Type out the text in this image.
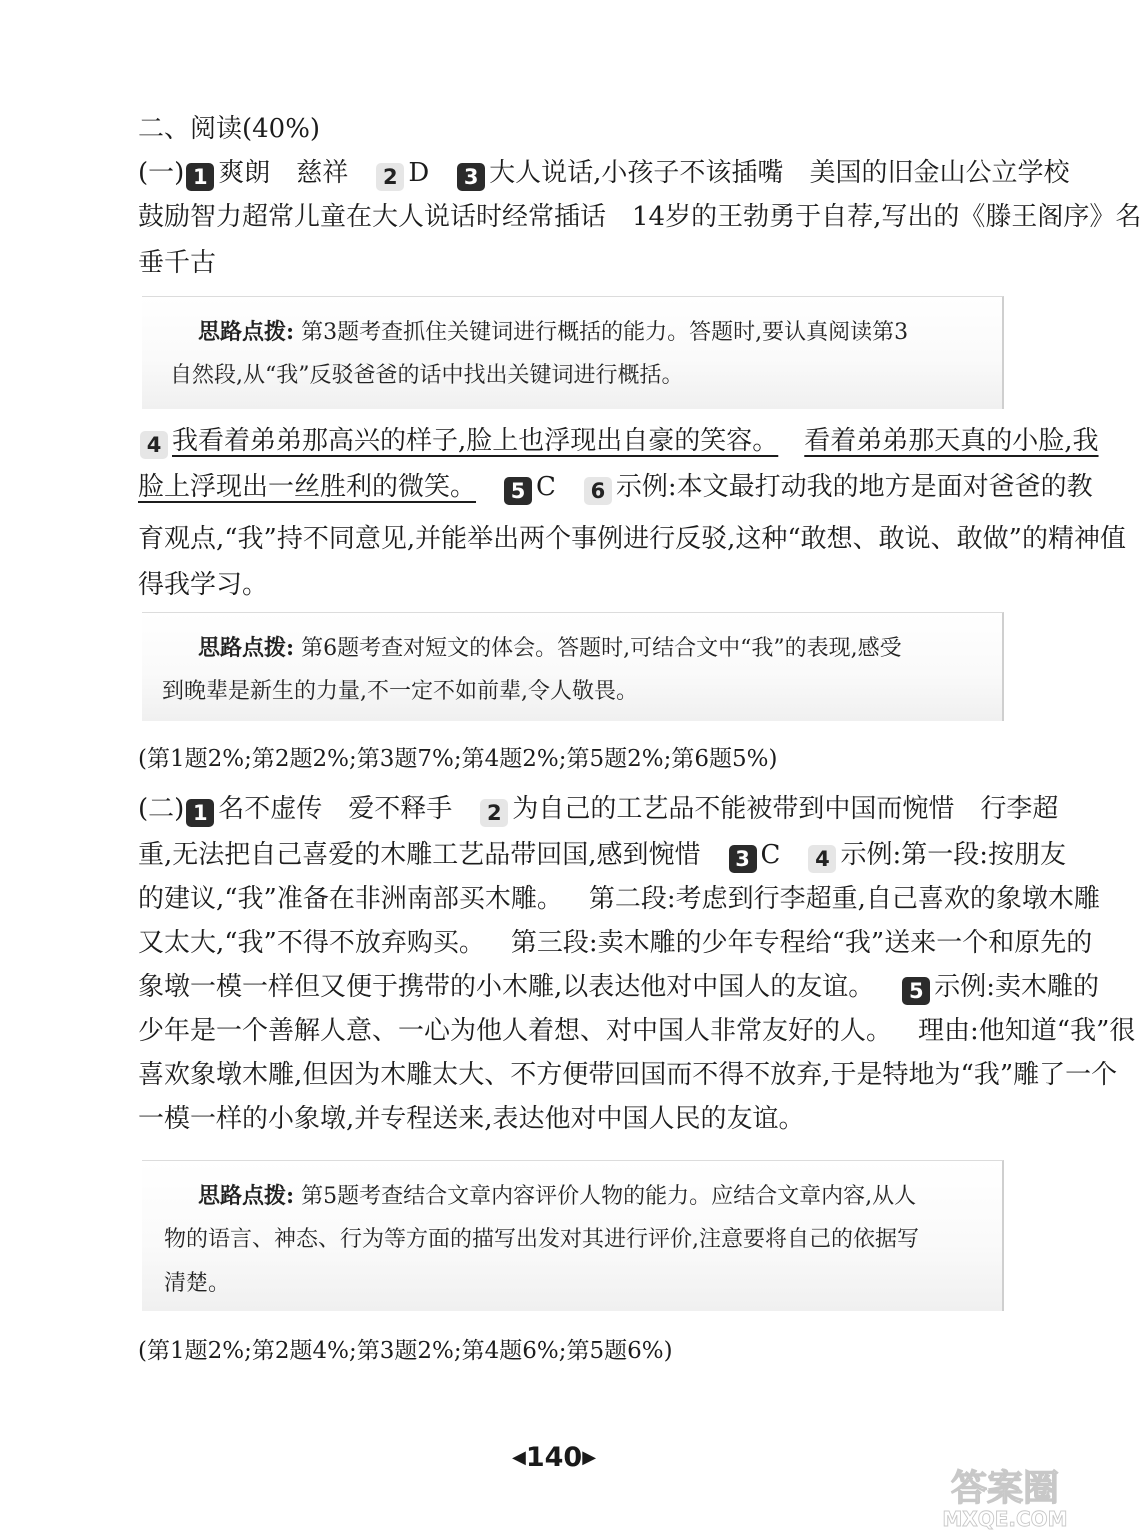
二、阅读(40%)
(一) 1 爽朗　慈祥 2 D 3 大人说话,小孩子不该插嘴 美国的旧金山公立学校
鼓励智力超常儿童在大人说话时经常插话 14岁的王勃勇于自荐,写出的《滕王阁序》名
垂千古
思路点拨: 第3题考查抓住关键词进行概括的能力。答题时,要认真阅读第3
自然段,从“我”反驳爸爸的话中找出关键词进行概括。
4 我看着弟弟那高兴的样子,脸上也浮现出自豪的笑容。 看着弟弟那天真的小脸,我
脸上浮现出一丝胜利的微笑。 5 C 6 示例:本文最打动我的地方是面对爸爸的教
育观点,“我”持不同意见,并能举出两个事例进行反驳,这种“敢想、敢说、敢做”的精神值
得我学习。
思路点拨: 第6题考查对短文的体会。答题时,可结合文中“我”的表现,感受
到晚辈是新生的力量,不一定不如前辈,令人敬畏。
(第1题2%;第2题2%;第3题7%;第4题2%;第5题2%;第6题5%)
(二) 1 名不虚传　爱不释手 2 为自己的工艺品不能被带到中国而惋惜 行李超
重,无法把自己喜爱的木雕工艺品带回国,感到惋惜 3 C 4 示例:第一段:按朋友
的建议,“我”准备在非洲南部买木雕。 第二段:考虑到行李超重,自己喜欢的象墩木雕
又太大,“我”不得不放弃购买。 第三段:卖木雕的少年专程给“我”送来一个和原先的
象墩一模一样但又便于携带的小木雕,以表达他对中国人的友谊。 5 示例:卖木雕的
少年是一个善解人意、一心为他人着想、对中国人非常友好的人。 理由:他知道“我”很
喜欢象墩木雕,但因为木雕太大、不方便带回国而不得不放弃,于是特地为“我”雕了一个
一模一样的小象墩,并专程送来,表达他对中国人民的友谊。
思路点拨: 第5题考查结合文章内容评价人物的能力。应结合文章内容,从人
物的语言、神态、行为等方面的描写出发对其进行评价,注意要将自己的依据写
清楚。
(第1题2%;第2题4%;第3题2%;第4题6%;第5题6%)
◀140▶
答案圈
MXQE.COM
